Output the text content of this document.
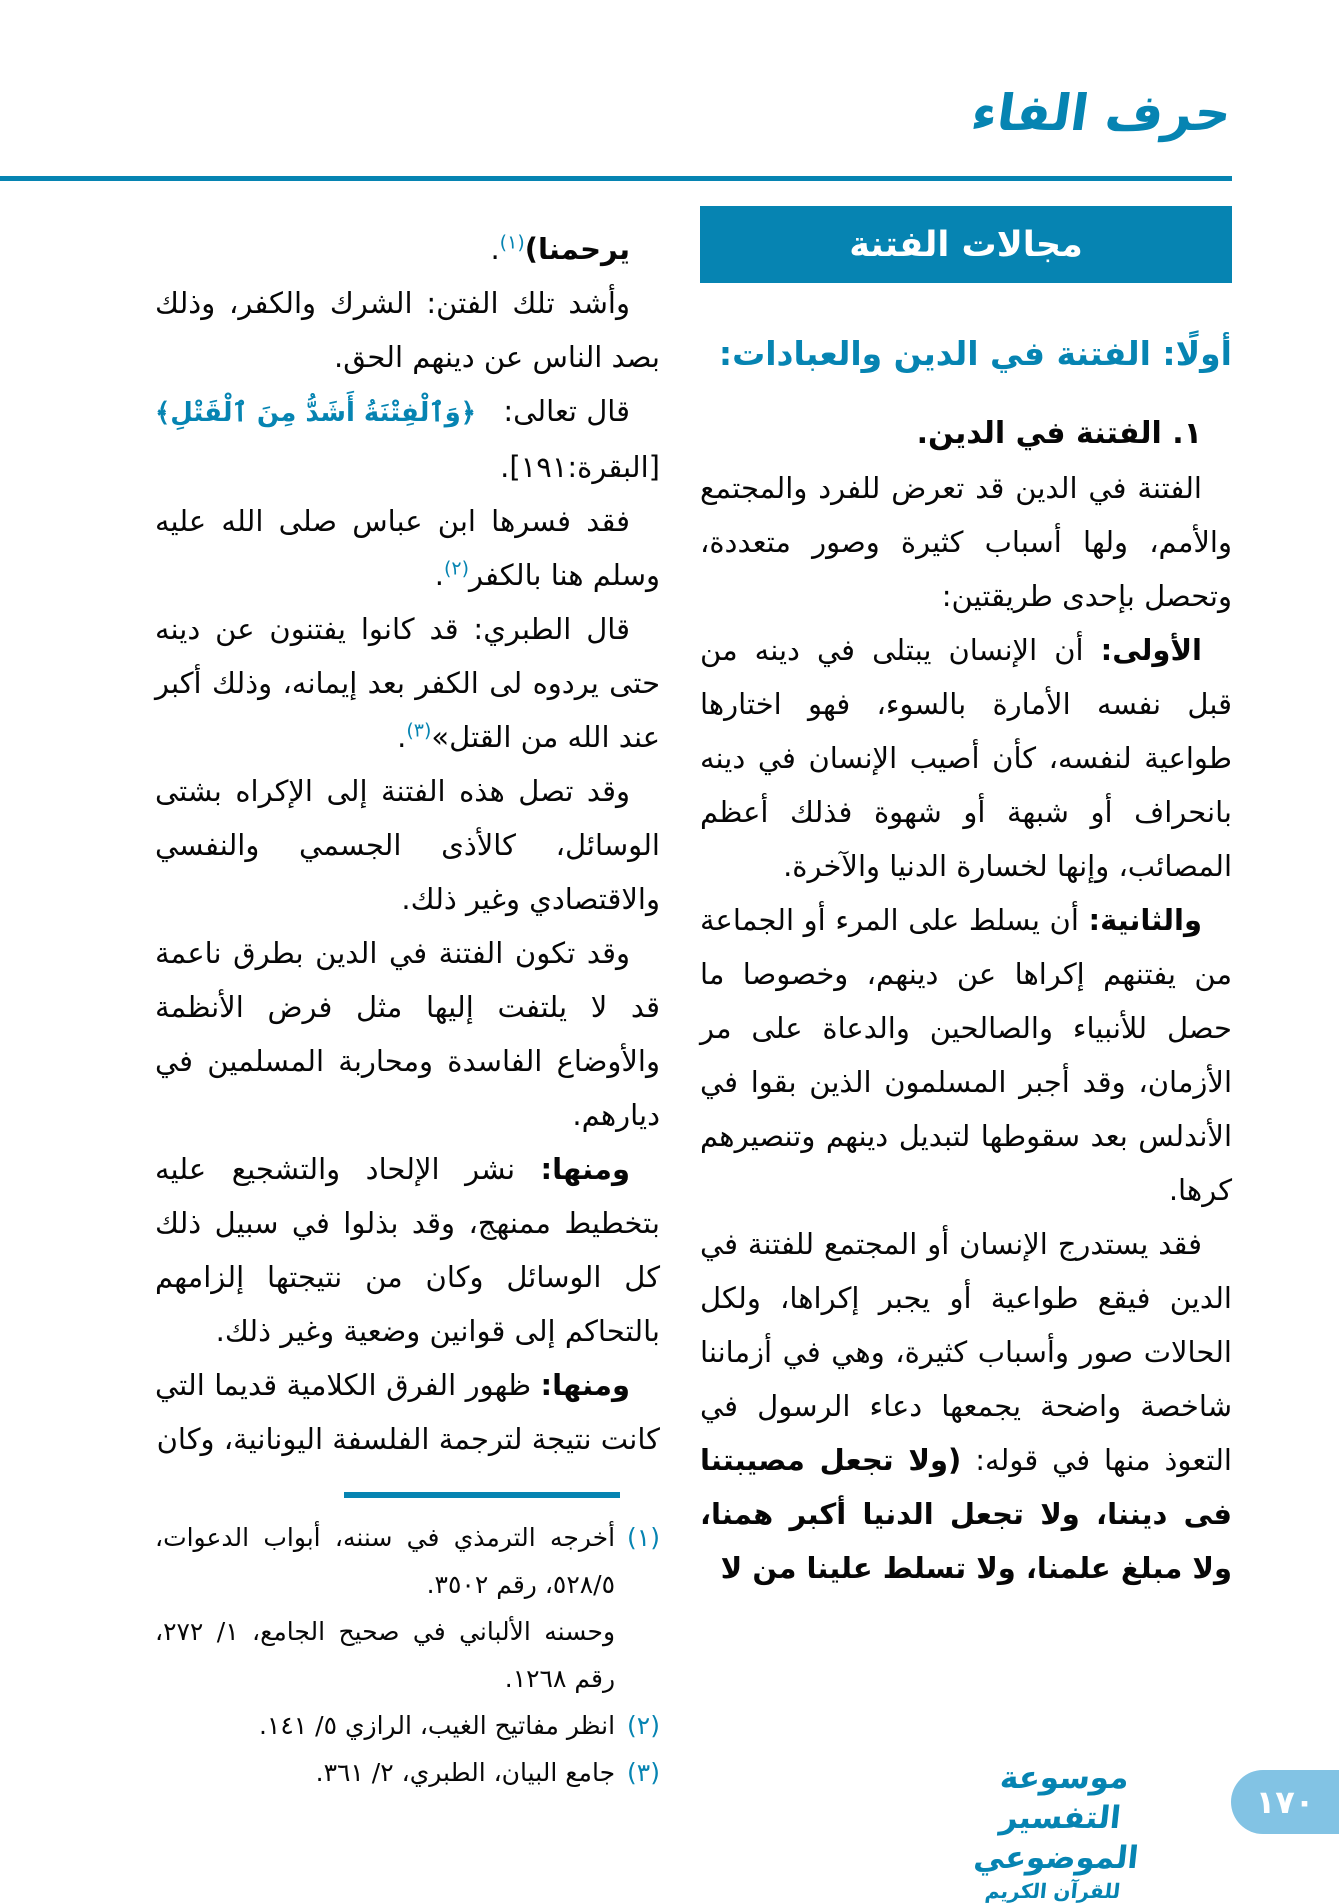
حرف الفاء
مجالات الفتنة
أولًا: الفتنة في الدين والعبادات:
١. الفتنة في الدين.
الفتنة في الدين قد تعرض للفرد والمجتمع والأمم، ولها أسباب كثيرة وصور متعددة، وتحصل بإحدى طريقتين:
الأولى: أن الإنسان يبتلى في دينه من قبل نفسه الأمارة بالسوء، فهو اختارها طواعية لنفسه، كأن أصيب الإنسان في دينه بانحراف أو شبهة أو شهوة فذلك أعظم المصائب، وإنها لخسارة الدنيا والآخرة.
والثانية: أن يسلط على المرء أو الجماعة من يفتنهم إكراها عن دينهم، وخصوصا ما حصل للأنبياء والصالحين والدعاة على مر الأزمان، وقد أجبر المسلمون الذين بقوا في الأندلس بعد سقوطها لتبديل دينهم وتنصيرهم كرها.
فقد يستدرج الإنسان أو المجتمع للفتنة في الدين فيقع طواعية أو يجبر إكراها، ولكل الحالات صور وأسباب كثيرة، وهي في أزماننا شاخصة واضحة يجمعها دعاء الرسول في التعوذ منها في قوله: (ولا تجعل مصيبتنا فى ديننا، ولا تجعل الدنيا أكبر همنا، ولا مبلغ علمنا، ولا تسلط علينا من لا
يرحمنا)$^{(١)}$.
وأشد تلك الفتن: الشرك والكفر، وذلك بصد الناس عن دينهم الحق.
قال تعالى:
﴿وَٱلْفِتْنَةُ أَشَدُّ مِنَ ٱلْقَتْلِ﴾
[البقرة:١٩١].
فقد فسرها ابن عباس صلى الله عليه وسلم هنا بالكفر$^{(٢)}$.
قال الطبري: قد كانوا يفتنون عن دينه حتى يردوه لى الكفر بعد إيمانه، وذلك أكبر عند الله من القتل»$^{(٣)}$.
وقد تصل هذه الفتنة إلى الإكراه بشتى الوسائل، كالأذى الجسمي والنفسي والاقتصادي وغير ذلك.
وقد تكون الفتنة في الدين بطرق ناعمة قد لا يلتفت إليها مثل فرض الأنظمة والأوضاع الفاسدة ومحاربة المسلمين في ديارهم.
ومنها: نشر الإلحاد والتشجيع عليه بتخطيط ممنهج، وقد بذلوا في سبيل ذلك كل الوسائل وكان من نتيجتها إلزامهم بالتحاكم إلى قوانين وضعية وغير ذلك.
ومنها: ظهور الفرق الكلامية قديما التي كانت نتيجة لترجمة الفلسفة اليونانية، وكان
(١)
أخرجه الترمذي في سننه، أبواب الدعوات، ٥٢٨/٥، رقم ٣٥٠٢.
وحسنه الألباني في صحيح الجامع، ١/ ٢٧٢، رقم ١٢٦٨.
(٢)
انظر مفاتيح الغيب، الرازي ٥/ ١٤١.
(٣)
جامع البيان، الطبري، ٢/ ٣٦١.	موسوعة التفسير الموضوعي
للقرآن الكريم
١٧٠
